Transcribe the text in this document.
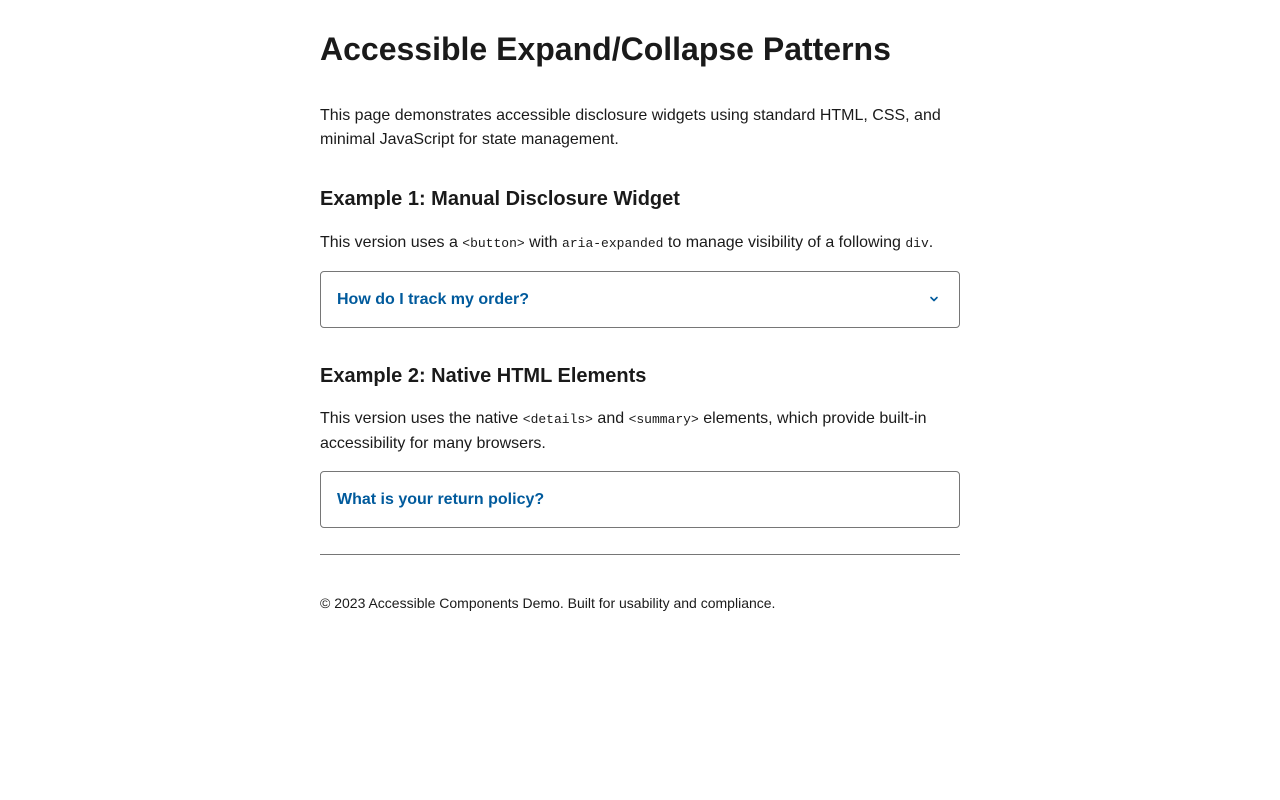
Accessible Expand/Collapse Patterns

This page demonstrates accessible disclosure widgets using standard HTML, CSS, and minimal JavaScript for state management.

Example 1: Manual Disclosure Widget

This version uses a <button> with aria-expanded to manage visibility of a following div.

How do I track my order?
Example 2: Native HTML Elements

This version uses the native <details> and <summary> elements, which provide built-in accessibility for many browsers.

What is your return policy?
© 2023 Accessible Components Demo. Built for usability and compliance.
